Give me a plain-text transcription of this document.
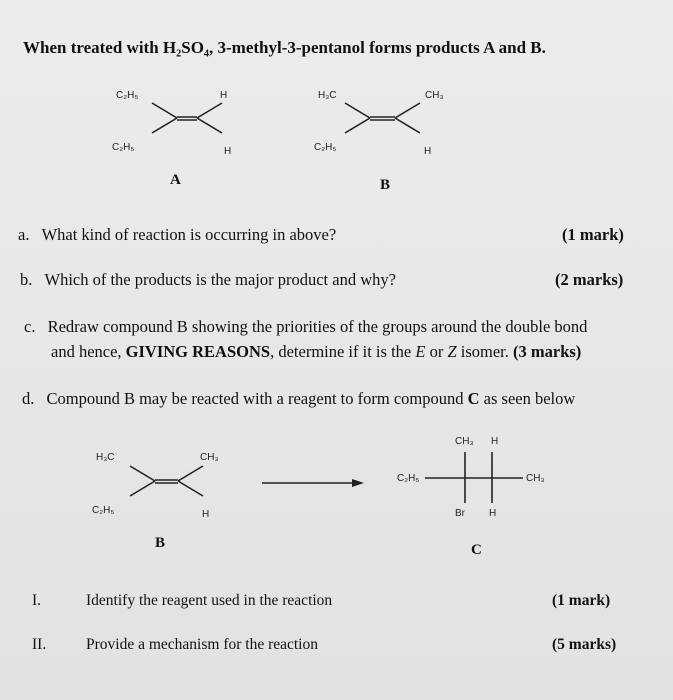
When treated with H₂SO₄, 3-methyl-3-pentanol forms products A and B.
C₂H₅
C₂H₅
H
H
H₃C
C₂H₅
CH₃
H
H₃C
C₂H₅
CH₃
H
C₂H₅	CH₃
CH₃ H
Br H
A	B
B	C
a. What kind of reaction is occurring in above?	(1 mark)
b. Which of the products is the major product and why?	(2 marks)
c. Redraw compound B showing the priorities of the groups around the double bond
and hence, GIVING REASONS, determine if it is the E or Z isomer. (3 marks)
d. Compound B may be reacted with a reagent to form compound C as seen below
I.	Identify the reagent used in the reaction	(1 mark)
II.	Provide a mechanism for the reaction	(5 marks)
